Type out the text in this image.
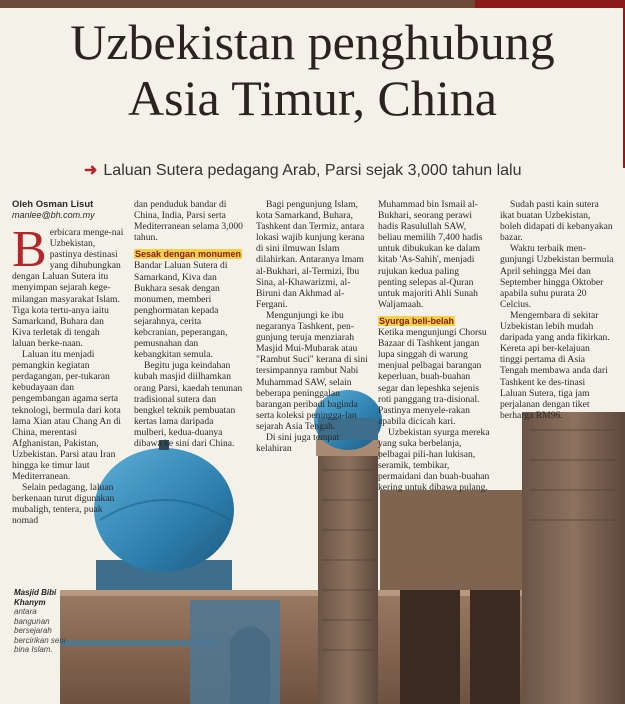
Uzbekistan penghubung
Asia Timur, China
➜ Laluan Sutera pedagang Arab, Parsi sejak 3,000 tahun lalu
Oleh Osman Lisut
manlee@bh.com.my

Berbicara menge-nai Uzbekistan, pastinya destinasi yang dihubungkan dengan Laluan Sutera itu menyimpan sejarah kege-milangan masyarakat Islam. Tiga kota tertu-anya iaitu Samarkand, Buhara dan Kiva terletak di tengah laluan berke-naan.

Laluan itu menjadi pemangkin kegiatan perdagangan, per-tukaran kebudayaan dan pengembangan agama serta teknologi, bermula dari kota lama Xian atau Chang An di China, merentasi Afghanistan, Pakistan, Uzbekistan. Parsi atau Iran hingga ke timur laut Mediterranean.

Selain pedagang, laluan berkenaan turut digunakan mubaligh, tentera, puak nomad

dan penduduk bandar di China, India, Parsi serta Mediterranean selama 3,000 tahun.

Sesak dengan monumen

Bandar Laluan Sutera di Samarkand, Kiva dan Bukhara sesak dengan monumen, memberi penghormatan kepada sejarahnya, cerita kebcranian, peperangan, pemusnahan dan kebangkitan semula.

Begitu juga keindahan kubah masjid diilhamkan orang Parsi, kaedah tenunan tradisional sutera dan bengkel teknik pembuatan kertas lama daripada mulberi, kedua-duanya dibawa ke sini dari China.

Bagi pengunjung Islam, kota Samarkand, Buhara, Tashkent dan Termiz, antara lokasi wajib kunjung kerana di sini ilmuwan Islam dilahirkan. Antaranya Imam al-Bukhari, al-Termizi, Ibu Sina, al-Khawarizmi, al-Biruni dan Akhmad al-Fergani.

Mengunjungi ke ibu negaranya Tashkent, pen-gunjung teruja menziarah Masjid Mui-Mubarak atau "Rambut Suci" kerana di sini tersimpannya rambut Nabi Muhammad SAW, selain beberapa peninggalan barangan peribadi baginda serta koleksi peningga-lan sejarah Asia Tengah.

Di sini juga tempat kelahiran

Muhammad bin Ismail al-Bukhari, seorang perawi hadis Rasulullah SAW, beliau memilih 7,400 hadis untuk dibukukan ke dalam kitab 'As-Sahih', menjadi rujukan kedua paling penting selepas al-Quran untuk majoriti Ahli Sunah Waljamaah.

Syurga beli-belah

Ketika mengunjungi Chorsu Bazaar di Tashkent jangan lupa singgah di warung menjual pelbagai barangan keperluan, buah-buahan segar dan lepeshka sejenis roti panggang tra-disional. Pastinya menyele-rakan apabila dicicah kari.

Uzbekistan syurga mereka yang suka berbelanja, pelbagai pili-han lukisan, seramik, tembikar, permaidani dan buah-buahan kering untuk dibawa pulang.

Sudah pasti kain sutera ikat buatan Uzbekistan, boleh didapati di kebanyakan bazar.

Waktu terbaik men-gunjungi Uzbekistan bermula April sehingga Mei dan September hingga Oktober apabila suhu purata 20 Celcius.

Mengembara di sekitar Uzbekistan lebih mudah daripada yang anda fikirkan. Kereta api ber-kelajuan tinggi pertama di Asia Tengah membawa anda dari Tashkent ke des-tinasi Laluan Sutera, tiga jam perjalanan dengan tiket berharga RM96.

Masjid Bibi Khanym
antara bangunan bersejarah bercirikan seni bina Islam.
